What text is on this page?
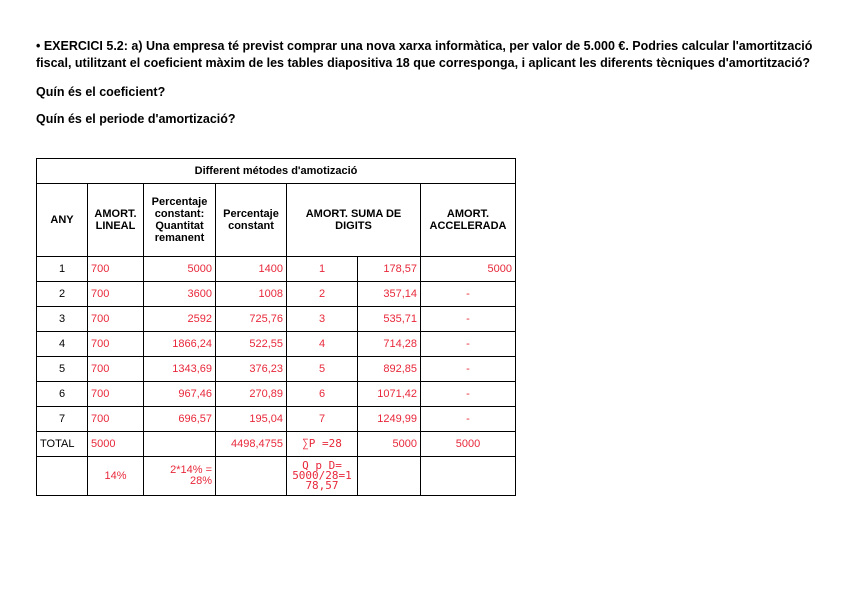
• EXERCICI 5.2: a) Una empresa té previst comprar una nova xarxa informàtica, per valor de 5.000 €. Podries calcular l'amortització fiscal, utilitzant el coeficient màxim de les tables diapositiva 18 que corresponga, i aplicant les diferents tècniques d'amortització?
Quín és el coeficient?
Quín és el periode d'amortizació?
Different métodes d'amotizació						
ANY	AMORT. LINEAL	Percentaje constant: Quantitat remanent	Percentaje constant	AMORT. SUMA DE DIGITS		AMORT. ACCELERADA
1	700	5000	1400	1	178,57	5000
2	700	3600	1008	2	357,14	-
3	700	2592	725,76	3	535,71	-
4	700	1866,24	522,55	4	714,28	-
5	700	1343,69	376,23	5	892,85	-
6	700	967,46	270,89	6	1071,42	-
7	700	696,57	195,04	7	1249,99	-
TOTAL	5000		4498,4755	∑P =28	5000	5000
	14%	2*14% = 28%		Q p D= 5000/28=1 78,57		
